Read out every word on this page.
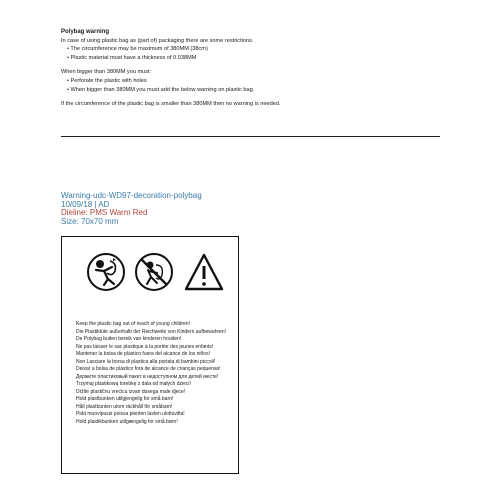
Polybag warning
In case of using plastic bag as (part of) packaging there are some restrictions.
• The circumference may be maximum of 380MM (38cm)
• Plastic material must have a thickness of 0.038MM
When bigger than 380MM you must:
• Perforate the plastic with holes
• When bigger than 380MM you must add the below warning on plastic bag.
If the circumference of the plastic bag is smaller than 380MM then no warning is needed.
Warning-udc-WD97-decoration-polybag
10/09/18 | AD
Dieline: PMS Warm Red
Size: 70x70 mm
Keep the plastic bag out of reach of young children!
Die Plastiktüte außerhalb der Reichweite von Kindern aufbewahren!
De Polybag buiten bereik van kinderen houden!
Ne pas laisser le sac plastique à la portée des jeunes enfants!
Mantener la bolsa de plástico fuera del alcance de los niños!
Non Lasciare la borsa di plastica alla portata di bambini piccoli!
Deixar a bolsa de plástico fora de alcance de crianças pequenas!
Держите пластиковый пакет в недоступном для детей месте!
Trzymaj plastikową torebkę z dala od małych dzieci!
Držite plastičnu vrećicu izvan dosega male djece!
Hold plastbunken utilgjengelig for små barn!
Håll plastbunten utom räckhåll för småbarn!
Pidä muovipussi poissa pienten lasten ulottuvilta!
Hold plastikbunken utilgængelig for små børn!
